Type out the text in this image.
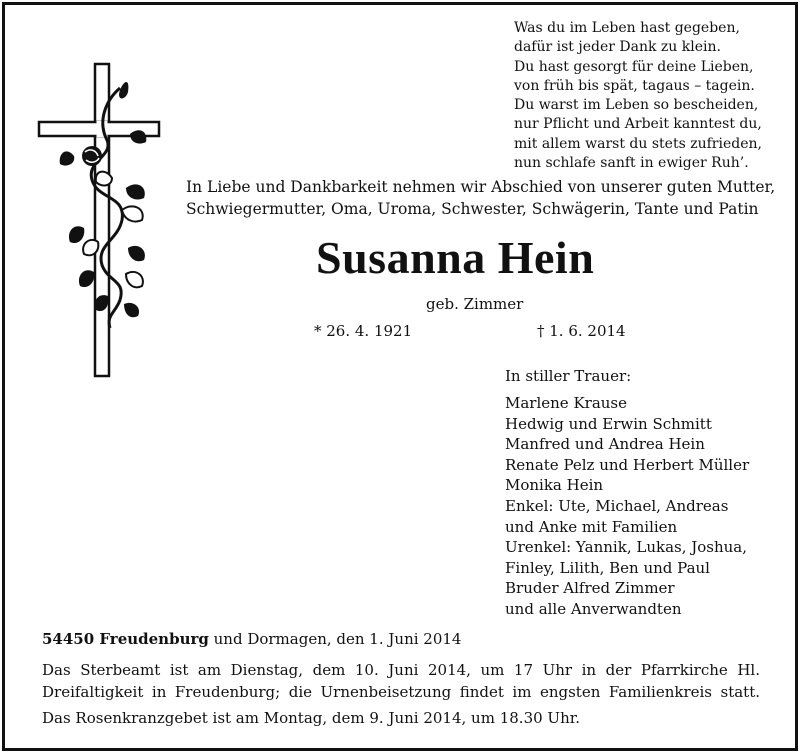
Was du im Leben hast gegeben,
dafür ist jeder Dank zu klein.
Du hast gesorgt für deine Lieben,
von früh bis spät, tagaus – tagein.
Du warst im Leben so bescheiden,
nur Pflicht und Arbeit kanntest du,
mit allem warst du stets zufrieden,
nun schlafe sanft in ewiger Ruh’.
In Liebe und Dankbarkeit nehmen wir Abschied von unserer guten Mutter,
Schwiegermutter, Oma, Uroma, Schwester, Schwägerin, Tante und Patin
Susanna Hein
geb. Zimmer
* 26. 4. 1921	† 1. 6. 2014
In stiller Trauer:
Marlene Krause
Hedwig und Erwin Schmitt
Manfred und Andrea Hein
Renate Pelz und Herbert Müller
Monika Hein
Enkel: Ute, Michael, Andreas
und Anke mit Familien
Urenkel: Yannik, Lukas, Joshua,
Finley, Lilith, Ben und Paul
Bruder Alfred Zimmer
und alle Anverwandten
54450 Freudenburg und Dormagen, den 1. Juni 2014
Das Sterbeamt ist am Dienstag, dem 10. Juni 2014, um 17 Uhr in der Pfarrkirche Hl. Dreifaltigkeit in Freudenburg; die Urnenbeisetzung findet im engsten Familienkreis statt.
Das Rosenkranzgebet ist am Montag, dem 9. Juni 2014, um 18.30 Uhr.
